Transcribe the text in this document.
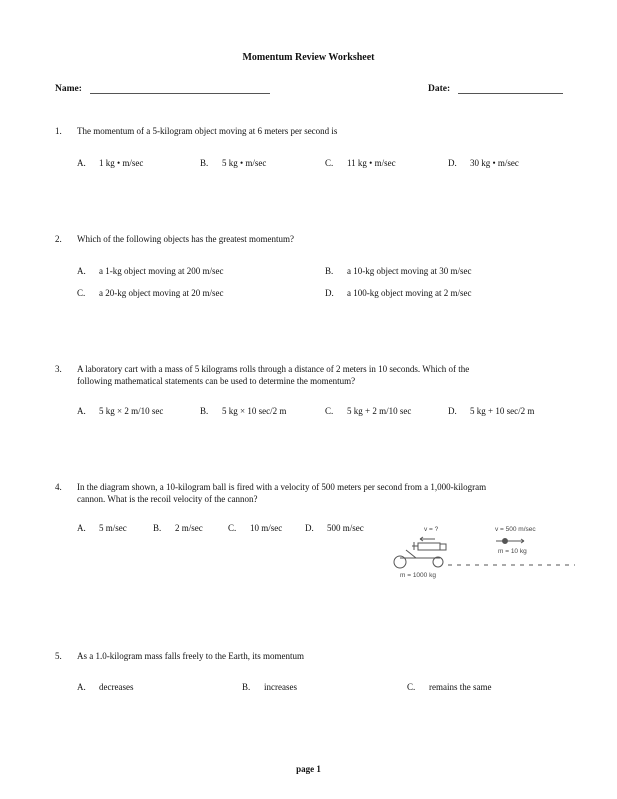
Momentum Review Worksheet
Name:	Date:
1. The momentum of a 5-kilogram object moving at 6 meters per second is
A. 1 kg • m/sec	B. 5 kg • m/sec	C. 11 kg • m/sec	D. 30 kg • m/sec
2. Which of the following objects has the greatest momentum?
A. a 1-kg object moving at 200 m/sec	B. a 10-kg object moving at 30 m/sec
C. a 20-kg object moving at 20 m/sec	D. a 100-kg object moving at 2 m/sec
3. A laboratory cart with a mass of 5 kilograms rolls through a distance of 2 meters in 10 seconds. Which of the
following mathematical statements can be used to determine the momentum?
A. 5 kg × 2 m/10 sec	B. 5 kg × 10 sec/2 m	C. 5 kg + 2 m/10 sec	D. 5 kg + 10 sec/2 m
4. In the diagram shown, a 10-kilogram ball is fired with a velocity of 500 meters per second from a 1,000-kilogram
cannon. What is the recoil velocity of the cannon?
A. 5 m/sec	B. 2 m/sec	C. 10 m/sec	D. 500 m/sec	v = ?	v = 500 m/sec
m = 10 kg
m = 1000 kg
5. As a 1.0-kilogram mass falls freely to the Earth, its momentum
A. decreases	B. increases	C. remains the same
page 1
